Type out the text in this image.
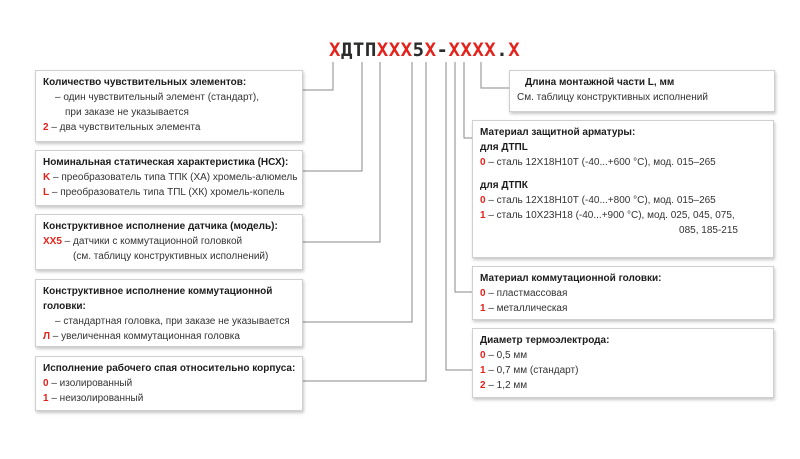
XДТПXXX5X-XXXX.X
Количество чувствительных элементов:
– один чувствительный элемент (стандарт),
при заказе не указывается
2 – два чувствительных элемента
Номинальная статическая характеристика (НСХ):
K – преобразователь типа ТПК (ХА) хромель-алюмель
L – преобразователь типа ТПL (ХК) хромель-копель
Конструктивное исполнение датчика (модель):
XX5 – датчики с коммутационной головкой
(см. таблицу конструктивных исполнений)
Конструктивное исполнение коммутационной
головки:
– стандартная головка, при заказе не указывается
Л – увеличенная коммутационная головка
Исполнение рабочего спая относительно корпуса:
0 – изолированный
1 – неизолированный
Длина монтажной части L, мм
См. таблицу конструктивных исполнений
Материал защитной арматуры:
для ДТПL
0 – сталь 12Х18Н10Т (-40...+600 °С), мод. 015–265
для ДТПК
0 – сталь 12Х18Н10Т (-40...+800 °С), мод. 015–265
1 – сталь 10Х23Н18 (-40...+900 °С), мод. 025, 045, 075,
085, 185-215
Материал коммутационной головки:
0 – пластмассовая
1 – металлическая
Диаметр термоэлектрода:
0 – 0,5 мм
1 – 0,7 мм (стандарт)
2 – 1,2 мм
